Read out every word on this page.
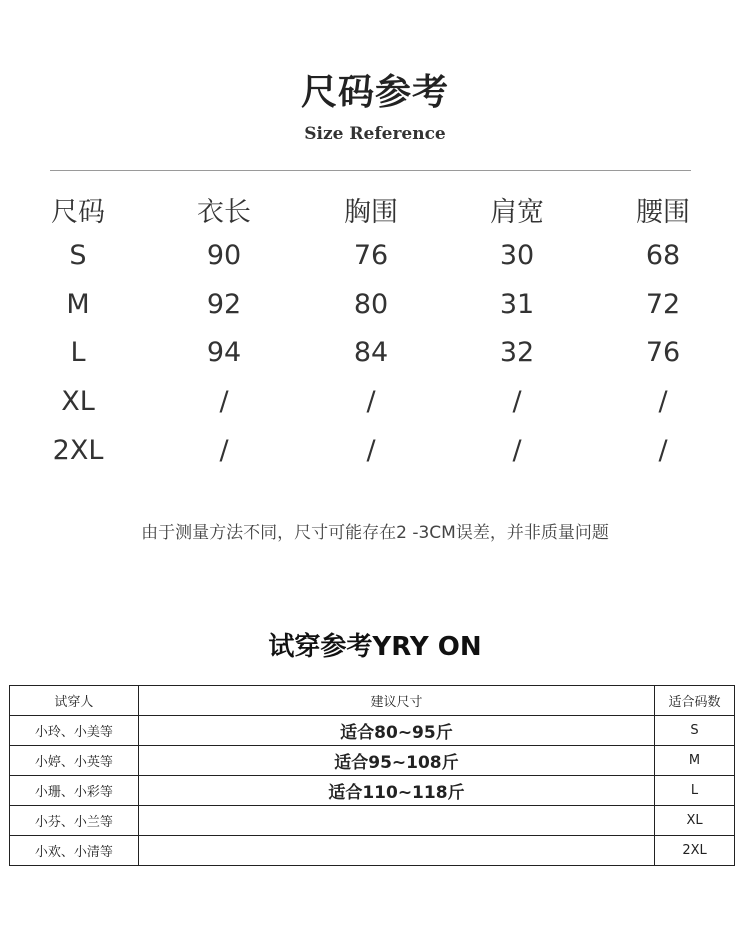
尺码参考
Size Reference
尺码	衣长	胸围	肩宽	腰围
S	90	76	30	68
M	92	80	31	72
L	94	84	32	76
XL	/	/	/	/
2XL	/	/	/	/
由于测量方法不同，尺寸可能存在2 -3CM误差，并非质量问题
试穿参考YRY ON
试穿人	建议尺寸	适合码数
小玲、小美等	适合80~95斤	S
小婷、小英等	适合95~108斤	M
小珊、小彩等	适合110~118斤	L
小芬、小兰等		XL
小欢、小清等		2XL
